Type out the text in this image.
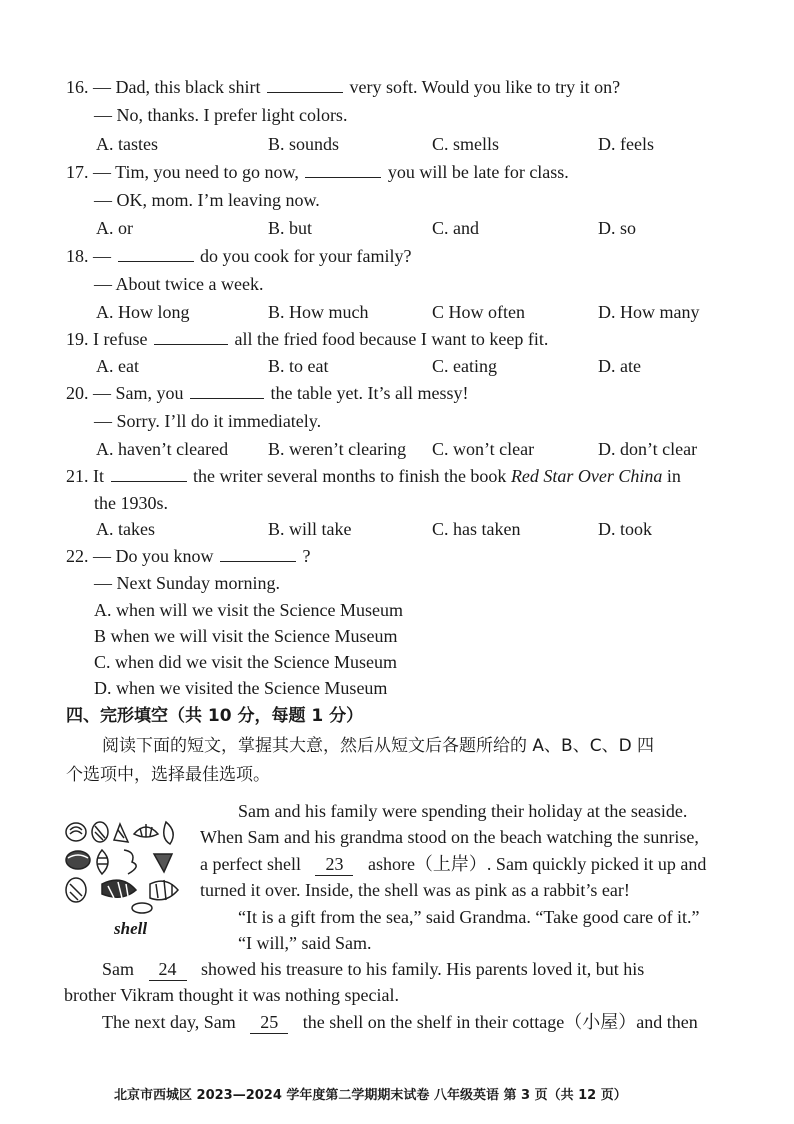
16. — Dad, this black shirt	very soft. Would you like to try it on?
— No, thanks. I prefer light colors.
A. tastes	B. sounds	C. smells	D. feels
17. — Tim, you need to go now,	you will be late for class.
— OK, mom. I’m leaving now.
A. or	B. but	C. and	D. so
18. —	do you cook for your family?
— About twice a week.
A. How long	B. How much	C How often	D. How many
19. I refuse	all the fried food because I want to keep fit.
A. eat	B. to eat	C. eating	D. ate
20. — Sam, you	the table yet. It’s all messy!
— Sorry. I’ll do it immediately.
A. haven’t cleared B. weren’t clearing C. won’t clear	D. don’t clear
21. It	the writer several months to finish the book Red Star Over China in
the 1930s.
A. takes	B. will take	C. has taken	D. took
22. — Do you know	?
— Next Sunday morning.
A. when will we visit the Science Museum
B when we will visit the Science Museum
C. when did we visit the Science Museum
D. when we visited the Science Museum
四、完形填空（共 10 分，每题 1 分）
阅读下面的短文，掌握其大意，然后从短文后各题所给的 A、B、C、D 四
个选项中，选择最佳选项。
shell
Sam and his family were spending their holiday at the seaside.
When Sam and his grandma stood on the beach watching the sunrise,
a perfect shell 23 ashore（上岸）. Sam quickly picked it up and
turned it over. Inside, the shell was as pink as a rabbit’s ear!
“It is a gift from the sea,” said Grandma. “Take good care of it.”
“I will,” said Sam.
Sam 24 showed his treasure to his family. His parents loved it, but his
brother Vikram thought it was nothing special.
The next day, Sam 25 the shell on the shelf in their cottage（小屋）and then
北京市西城区 2023—2024 学年度第二学期期末试卷 八年级英语 第 3 页（共 12 页）
